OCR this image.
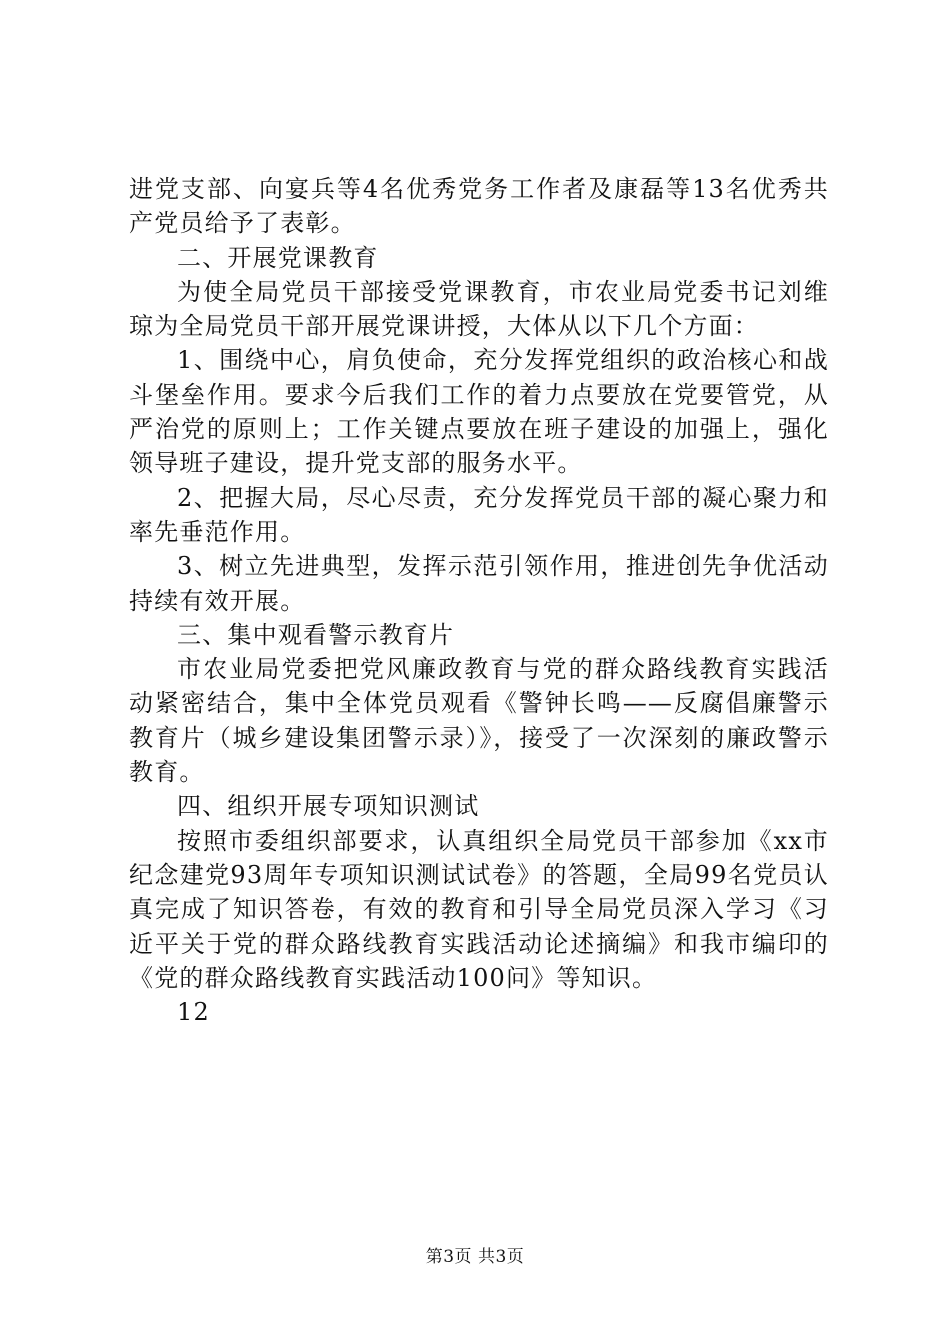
进党支部、向宴兵等4名优秀党务工作者及康磊等13名优秀共产党员给予了表彰。

二、开展党课教育

为使全局党员干部接受党课教育，市农业局党委书记刘维琼为全局党员干部开展党课讲授，大体从以下几个方面：

1、围绕中心，肩负使命，充分发挥党组织的政治核心和战斗堡垒作用。要求今后我们工作的着力点要放在党要管党，从严治党的原则上；工作关键点要放在班子建设的加强上，强化领导班子建设，提升党支部的服务水平。

2、把握大局，尽心尽责，充分发挥党员干部的凝心聚力和率先垂范作用。

3、树立先进典型，发挥示范引领作用，推进创先争优活动持续有效开展。

三、集中观看警示教育片

市农业局党委把党风廉政教育与党的群众路线教育实践活动紧密结合，集中全体党员观看《警钟长鸣——反腐倡廉警示教育片（城乡建设集团警示录）》，接受了一次深刻的廉政警示教育。

四、组织开展专项知识测试

按照市委组织部要求，认真组织全局党员干部参加《xx市纪念建党93周年专项知识测试试卷》的答题，全局99名党员认真完成了知识答卷，有效的教育和引导全局党员深入学习《习近平关于党的群众路线教育实践活动论述摘编》和我市编印的《党的群众路线教育实践活动100问》等知识。

12

第3页 共3页
